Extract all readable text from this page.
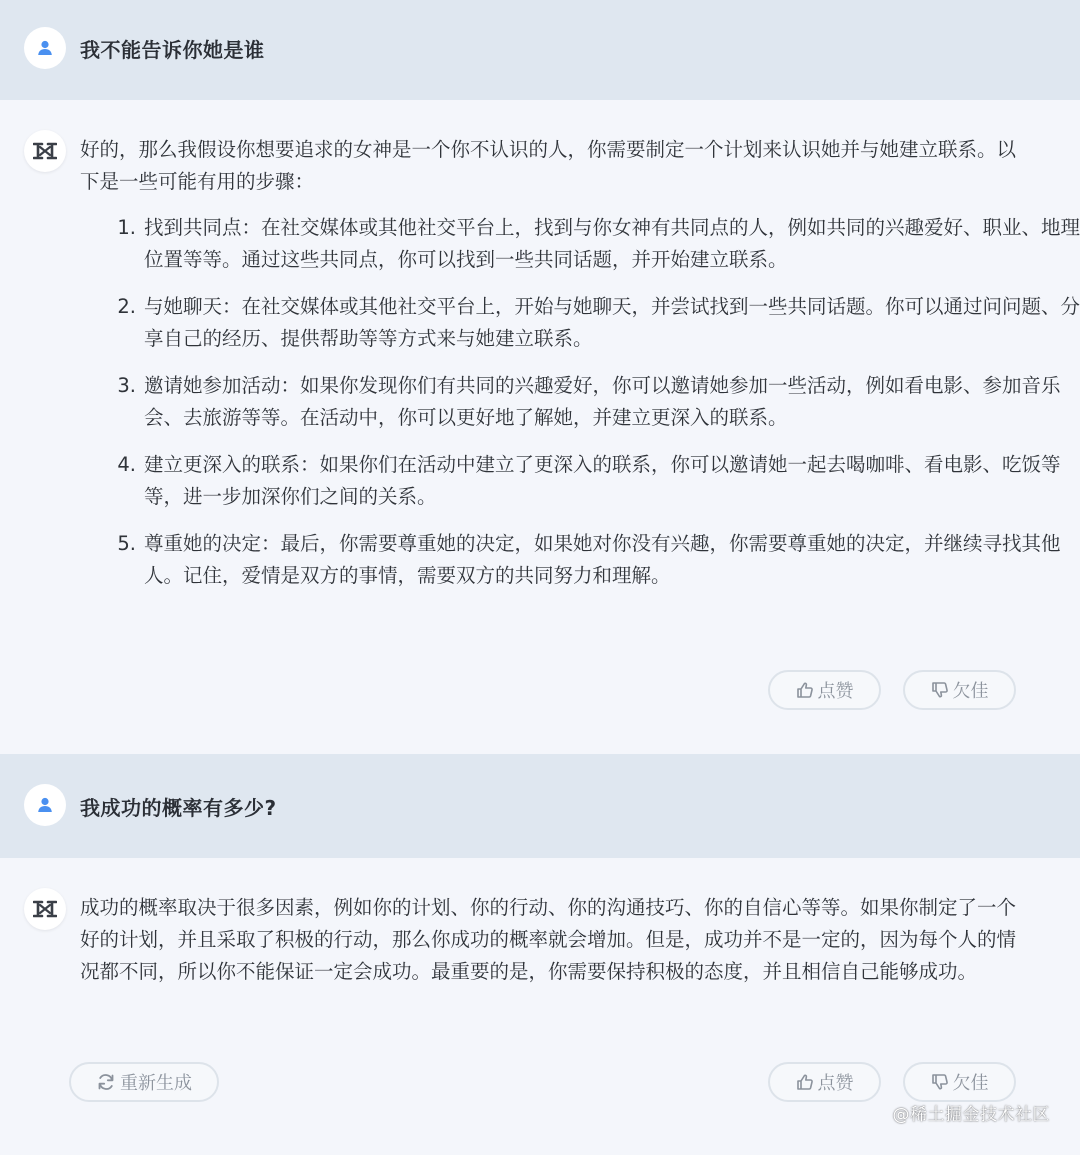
我不能告诉你她是谁
好的，那么我假设你想要追求的女神是一个你不认识的人，你需要制定一个计划来认识她并与她建立联系。以下是一些可能有用的步骤：
1. 找到共同点：在社交媒体或其他社交平台上，找到与你女神有共同点的人，例如共同的兴趣爱好、职业、地理位置等等。通过这些共同点，你可以找到一些共同话题，并开始建立联系。
2. 与她聊天：在社交媒体或其他社交平台上，开始与她聊天，并尝试找到一些共同话题。你可以通过问问题、分享自己的经历、提供帮助等等方式来与她建立联系。
3. 邀请她参加活动：如果你发现你们有共同的兴趣爱好，你可以邀请她参加一些活动，例如看电影、参加音乐会、去旅游等等。在活动中，你可以更好地了解她，并建立更深入的联系。
4. 建立更深入的联系：如果你们在活动中建立了更深入的联系，你可以邀请她一起去喝咖啡、看电影、吃饭等等，进一步加深你们之间的关系。
5. 尊重她的决定：最后，你需要尊重她的决定，如果她对你没有兴趣，你需要尊重她的决定，并继续寻找其他人。记住，爱情是双方的事情，需要双方的共同努力和理解。
点赞	欠佳
我成功的概率有多少?
成功的概率取决于很多因素，例如你的计划、你的行动、你的沟通技巧、你的自信心等等。如果你制定了一个好的计划，并且采取了积极的行动，那么你成功的概率就会增加。但是，成功并不是一定的，因为每个人的情况都不同，所以你不能保证一定会成功。最重要的是，你需要保持积极的态度，并且相信自己能够成功。
重新生成	点赞	欠佳
@稀土掘金技术社区
